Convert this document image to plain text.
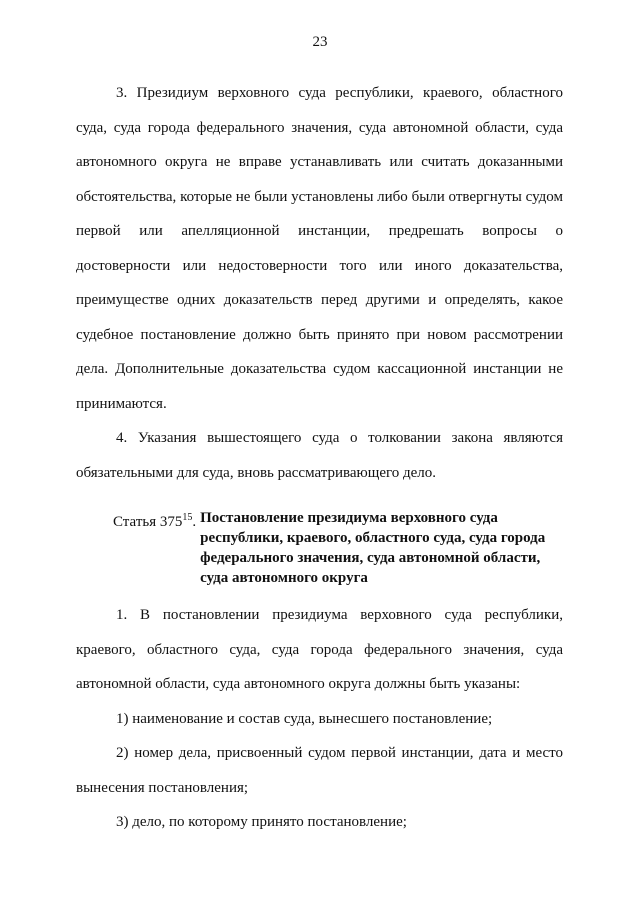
23

3. Президиум верховного суда республики, краевого, областного суда, суда города федерального значения, суда автономной области, суда автономного округа не вправе устанавливать или считать доказанными обстоятельства, которые не были установлены либо были отвергнуты судом первой или апелляционной инстанции, предрешать вопросы о достоверности или недостоверности того или иного доказательства, преимуществе одних доказательств перед другими и определять, какое судебное постановление должно быть принято при новом рассмотрении дела. Дополнительные доказательства судом кассационной инстанции не принимаются.

4. Указания вышестоящего суда о толковании закона являются обязательными для суда, вновь рассматривающего дело.

Статья $375^{15}$. Постановление президиума верховного суда
республики, краевого, областного суда, суда города
федерального значения, суда автономной области,
суда автономного округа

1. В постановлении президиума верховного суда республики, краевого, областного суда, суда города федерального значения, суда автономной области, суда автономного округа должны быть указаны:

1) наименование и состав суда, вынесшего постановление;

2) номер дела, присвоенный судом первой инстанции, дата и место вынесения постановления;

3) дело, по которому принято постановление;
